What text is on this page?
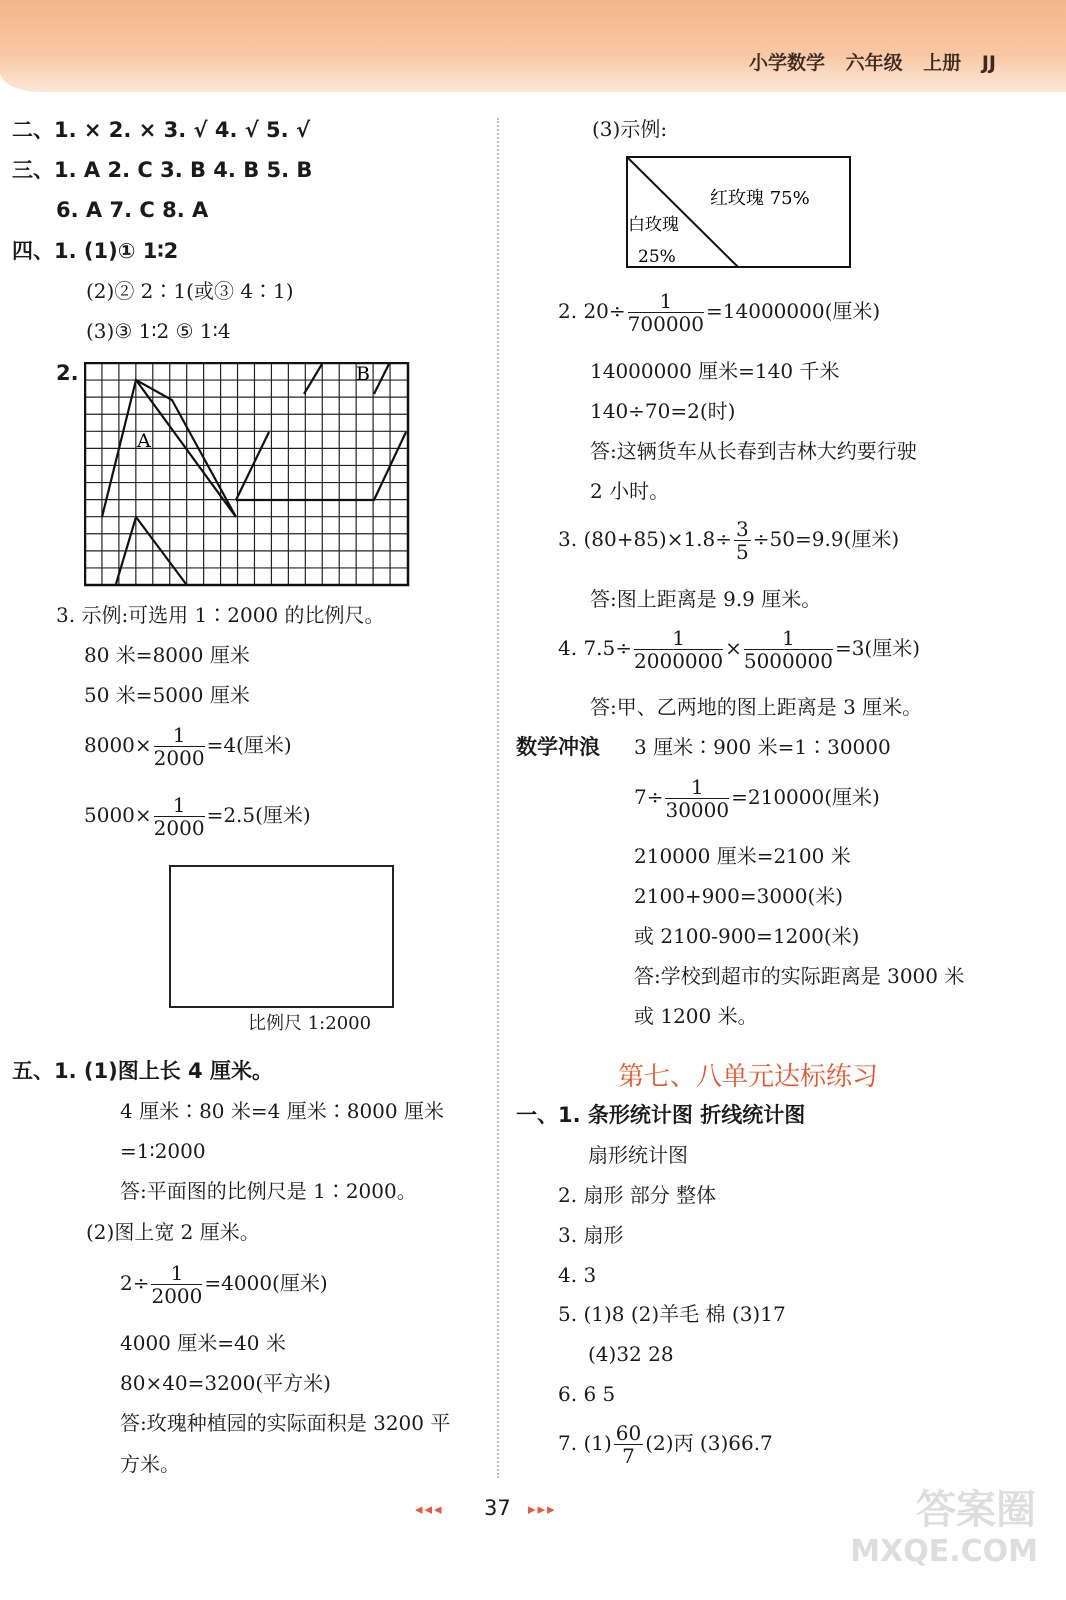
小学数学 六年级 上册 JJ
二、1. × 2. × 3. √ 4. √ 5. √
三、1. A 2. C 3. B 4. B 5. B
6. A 7. C 8. A
四、1. (1)① 1∶2
(2)② 2∶1(或③ 4∶1)
(3)③ 1∶2 ⑤ 1∶4
2.
A
B
3. 示例:可选用 1∶2000 的比例尺。
80 米=8000 厘米
50 米=5000 厘米
$8000\times \frac{1}{2000} =4$(厘米)
$5000\times \frac{1}{2000} =2.5$(厘米)
比例尺 1:2000
五、1. (1)图上长 4 厘米。
4 厘米∶80 米=4 厘米∶8000 厘米
=1∶2000
答:平面图的比例尺是 1∶2000。
(2)图上宽 2 厘米。
$2\div \frac{1}{2000} =4000$(厘米)
4000 厘米=40 米
80×40=3200(平方米)
答:玫瑰种植园的实际面积是 3200 平
方米。
(3)示例:
红玫瑰 75%
白玫瑰
25%
2. $20\div \frac{1}{700000} =14000000$(厘米)
14000000 厘米=140 千米
140÷70=2(时)
答:这辆货车从长春到吉林大约要行驶
2 小时。
3. $(80+85)\times 1.8\div \frac{3}{5} \div 50=9.9$(厘米)
答:图上距离是 9.9 厘米。
4. $7.5\div \frac{1}{2000000} \times \frac{1}{5000000} =3$(厘米)
答:甲、乙两地的图上距离是 3 厘米。
数学冲浪 3 厘米∶900 米=1∶30000
$7\div \frac{1}{30000} =210000$(厘米)
210000 厘米=2100 米
2100+900=3000(米)
或 2100-900=1200(米)
答:学校到超市的实际距离是 3000 米
或 1200 米。
第七、八单元达标练习
一、1. 条形统计图 折线统计图
扇形统计图
2. 扇形 部分 整体
3. 扇形
4. 3
5. (1)8 (2)羊毛 棉 (3)17
(4)32 28
6. 6 5
7. $(1) \frac{60}{7} (2)$丙 (3)66.7
◂◂◂ 37 ▸▸▸	答案圈
MXQE.COM
